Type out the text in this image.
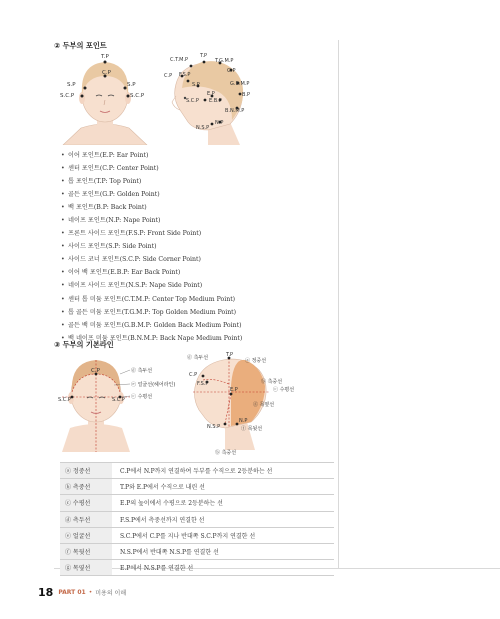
② 두부의 포인트
T.P
C.P
S.P	S.P
S.C.P	S.C.P
C.T.M.P
T.P
T.G.M.P
G.P
C.P F.S.P
S.P	G.B.M.P
E.P
S.C.P E.B.P
B.P
B.N.M.P
N.P
N.S.P
• 이어 포인트(E.P: Ear Point)
• 센터 포인트(C.P: Center Point)
• 톱 포인트(T.P: Top Point)
• 골든 포인트(G.P: Golden Point)
• 백 포인트(B.P: Back Point)
• 네이프 포인트(N.P: Nape Point)
• 프론트 사이드 포인트(F.S.P: Front Side Point)
• 사이드 포인트(S.P: Side Point)
• 사이드 코너 포인트(S.C.P: Side Corner Point)
• 이어 백 포인트(E.B.P: Ear Back Point)
• 네이프 사이드 포인트(N.S.P: Nape Side Point)
• 센터 톱 미듐 포인트(C.T.M.P: Center Top Medium Point)
• 톱 골든 미듐 포인트(T.G.M.P: Top Golden Medium Point)
• 골든 백 미듐 포인트(G.B.M.P: Golden Back Medium Point)
• 백 네이프 미듐 포인트(B.N.M.P: Back Nape Medium Point)
③ 두부의 기본라인
C.P
S.C.P	S.C.P
ⓓ 측두선
ⓔ 얼굴선(헤어라인)
ⓒ 수평선
ⓓ 측두선	T.P
ⓐ 정중선
C.P
F.S.P	ⓑ 측중선
E.P	ⓒ 수평선
ⓖ 목옆선
N.S.P
N.P
ⓕ 목뒷선
ⓑ 측중선
ⓐ 정중선	C.P에서 N.P까지 연결하여 두부를 수직으로 2등분하는 선
ⓑ 측중선	T.P와 E.P에서 수직으로 내린 선
ⓒ 수평선	E.P의 높이에서 수평으로 2등분하는 선
ⓓ 측두선	F.S.P에서 측중선까지 연결한 선
ⓔ 얼굴선	S.C.P에서 C.P를 지나 반대쪽 S.C.P까지 연결한 선
ⓕ 목뒷선	N.S.P에서 반대쪽 N.S.P를 연결한 선
ⓖ 목옆선	E.P에서 N.S.P를 연결한 선
18 PART 01 • 미용의 이해
